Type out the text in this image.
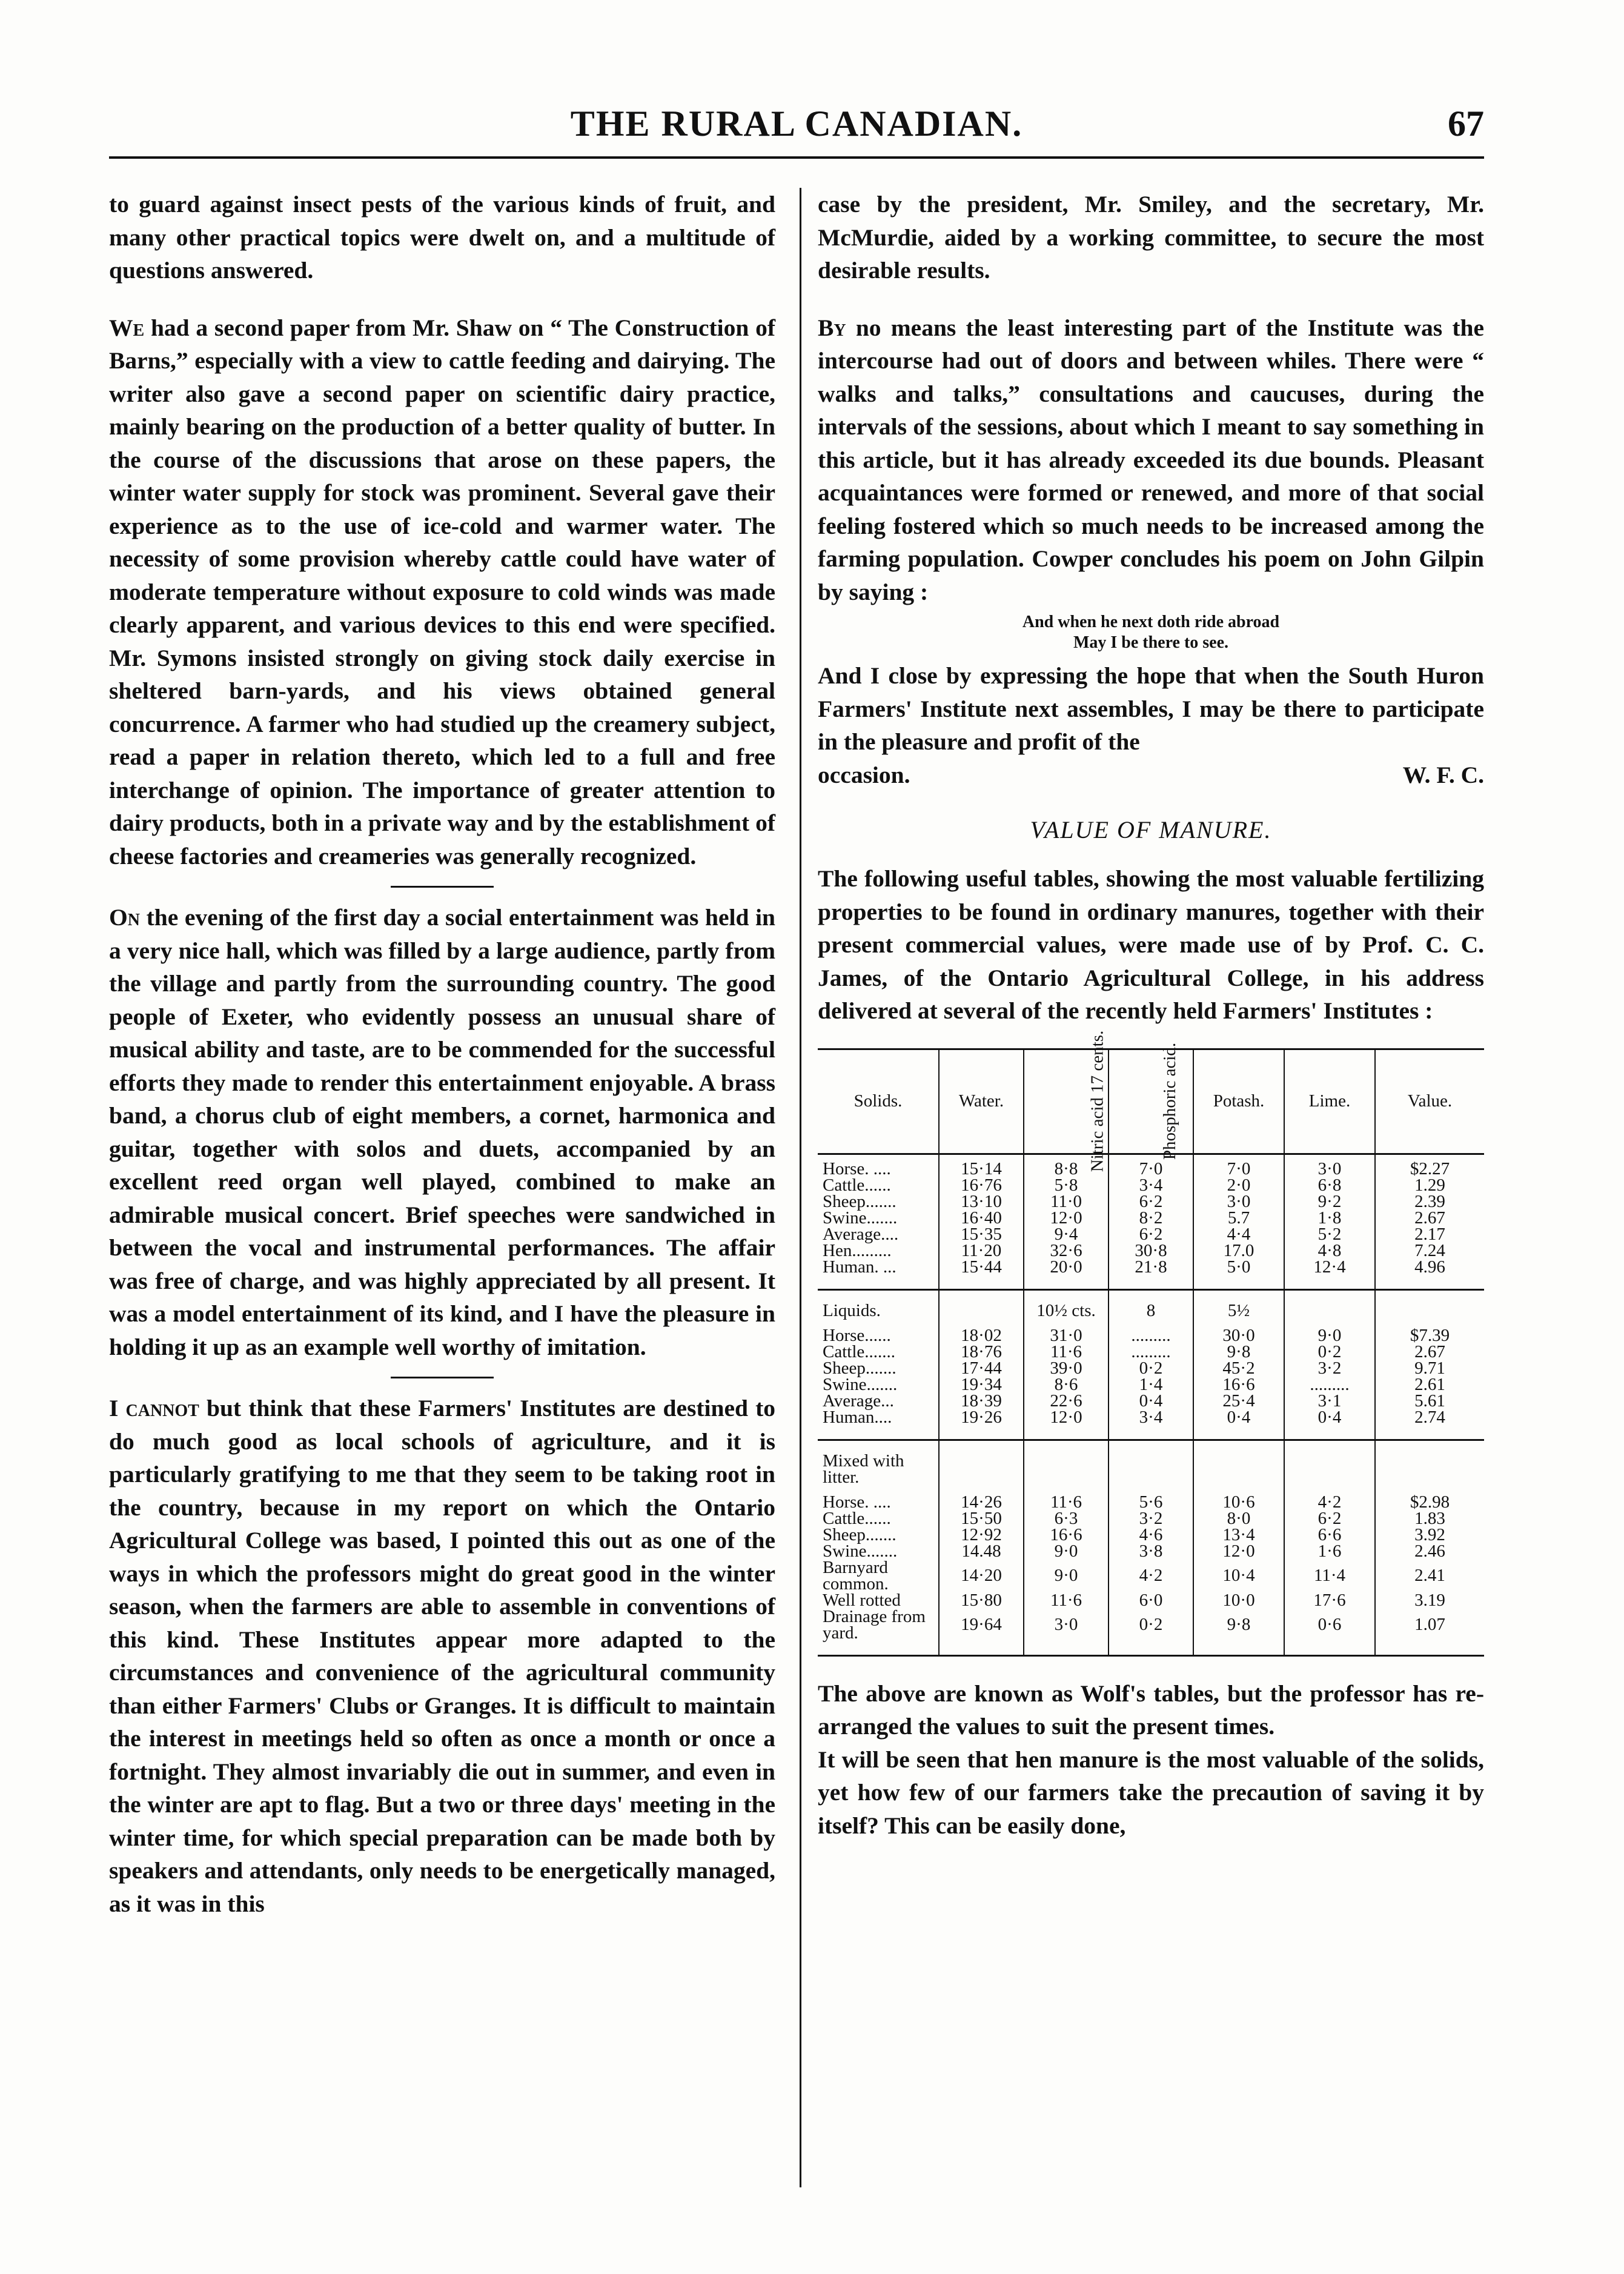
THE RURAL CANADIAN.	67

to guard against insect pests of the various kinds of fruit, and many other practical topics were dwelt on, and a multitude of questions answered.

We had a second paper from Mr. Shaw on “ The Construction of Barns,” especially with a view to cattle feeding and dairying. The writer also gave a second paper on scientific dairy practice, mainly bearing on the production of a better quality of butter. In the course of the discussions that arose on these papers, the winter water supply for stock was prominent. Several gave their experience as to the use of ice-cold and warmer water. The necessity of some provision whereby cattle could have water of moderate temperature without exposure to cold winds was made clearly apparent, and various devices to this end were specified. Mr. Symons insisted strongly on giving stock daily exercise in sheltered barn-yards, and his views obtained general concurrence. A farmer who had studied up the creamery subject, read a paper in relation thereto, which led to a full and free interchange of opinion. The importance of greater attention to dairy products, both in a private way and by the establishment of cheese factories and creameries was generally recognized.

On the evening of the first day a social entertainment was held in a very nice hall, which was filled by a large audience, partly from the village and partly from the surrounding country. The good people of Exeter, who evidently possess an unusual share of musical ability and taste, are to be commended for the successful efforts they made to render this entertainment enjoyable. A brass band, a chorus club of eight members, a cornet, harmonica and guitar, together with solos and duets, accompanied by an excellent reed organ well played, combined to make an admirable musical concert. Brief speeches were sandwiched in between the vocal and instrumental performances. The affair was free of charge, and was highly appreciated by all present. It was a model entertainment of its kind, and I have the pleasure in holding it up as an example well worthy of imitation.

I cannot but think that these Farmers' Institutes are destined to do much good as local schools of agriculture, and it is particularly gratifying to me that they seem to be taking root in the country, because in my report on which the Ontario Agricultural College was based, I pointed this out as one of the ways in which the professors might do great good in the winter season, when the farmers are able to assemble in conventions of this kind. These Institutes appear more adapted to the circumstances and convenience of the agricultural community than either Farmers' Clubs or Granges. It is difficult to maintain the interest in meetings held so often as once a month or once a fortnight. They almost invariably die out in summer, and even in the winter are apt to flag. But a two or three days' meeting in the winter time, for which special preparation can be made both by speakers and attendants, only needs to be energetically managed, as it was in this

case by the president, Mr. Smiley, and the secretary, Mr. McMurdie, aided by a working committee, to secure the most desirable results.

By no means the least interesting part of the Institute was the intercourse had out of doors and between whiles. There were “ walks and talks,” consultations and caucuses, during the intervals of the sessions, about which I meant to say something in this article, but it has already exceeded its due bounds. Pleasant acquaintances were formed or renewed, and more of that social feeling fostered which so much needs to be increased among the farming population. Cowper concludes his poem on John Gilpin by saying :

And when he next doth ride abroad
May I be there to see.

And I close by expressing the hope that when the South Huron Farmers' Institute next assembles, I may be there to participate in the pleasure and profit of the

occasion.	W. F. C.

VALUE OF MANURE.

The following useful tables, showing the most valuable fertilizing properties to be found in ordinary manures, together with their present commercial values, were made use of by Prof. C. C. James, of the Ontario Agricultural College, in his address delivered at several of the recently held Farmers' Institutes :

Solids.	Water.	Nitric acid 17 cents.	Phosphoric acid.	Potash.	Lime.	Value.

Horse. ....	15·14	8·8	7·0	7·0	3·0	$2.27
Cattle......	16·76	5·8	3·4	2·0	6·8	1.29
Sheep.......	13·10	11·0	6·2	3·0	9·2	2.39
Swine.......	16·40	12·0	8·2	5.7	1·8	2.67
Average....	15·35	9·4	6·2	4·4	5·2	2.17
Hen.........	11·20	32·6	30·8	17.0	4·8	7.24
Human. ...	15·44	20·0	21·8	5·0	12·4	4.96
Liquids.		10½ cts.	8	5½		
Horse......	18·02	31·0	.........	30·0	9·0	$7.39
Cattle.......	18·76	11·6	.........	9·8	0·2	2.67
Sheep.......	17·44	39·0	0·2	45·2	3·2	9.71
Swine.......	19·34	8·6	1·4	16·6	.........	2.61
Average...	18·39	22·6	0·4	25·4	3·1	5.61
Human....	19·26	12·0	3·4	0·4	0·4	2.74
Mixed with litter.						
Horse. ....	14·26	11·6	5·6	10·6	4·2	$2.98
Cattle......	15·50	6·3	3·2	8·0	6·2	1.83
Sheep.......	12·92	16·6	4·6	13·4	6·6	3.92
Swine.......	14.48	9·0	3·8	12·0	1·6	2.46
Barnyard common.	14·20	9·0	4·2	10·4	11·4	2.41
Well rotted	15·80	11·6	6·0	10·0	17·6	3.19
Drainage from yard.	19·64	3·0	0·2	9·8	0·6	1.07

The above are known as Wolf's tables, but the professor has re-arranged the values to suit the present times.

It will be seen that hen manure is the most valuable of the solids, yet how few of our farmers take the precaution of saving it by itself? This can be easily done,
